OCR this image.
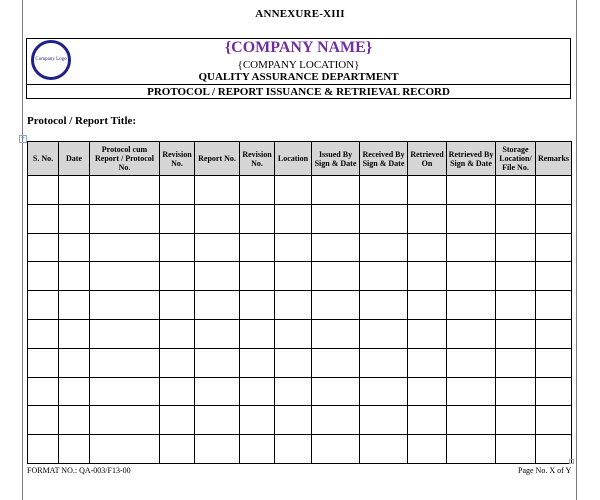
ANNEXURE-XIII
Company Logo
{COMPANY NAME}
{COMPANY LOCATION}
QUALITY ASSURANCE DEPARTMENT
PROTOCOL / REPORT ISSUANCE & RETRIEVAL RECORD
Protocol / Report Title:
+
S. No.	Date	Protocol cum Report / Protocol No.	Revision No.	Report No.	Revision No.	Location	Issued By Sign & Date	Received By Sign & Date	Retrieved On	Retrieved By Sign & Date	Storage Location/ File No.	Remarks

FORMAT NO.: QA-003/F13-00	Page No. X of Y
